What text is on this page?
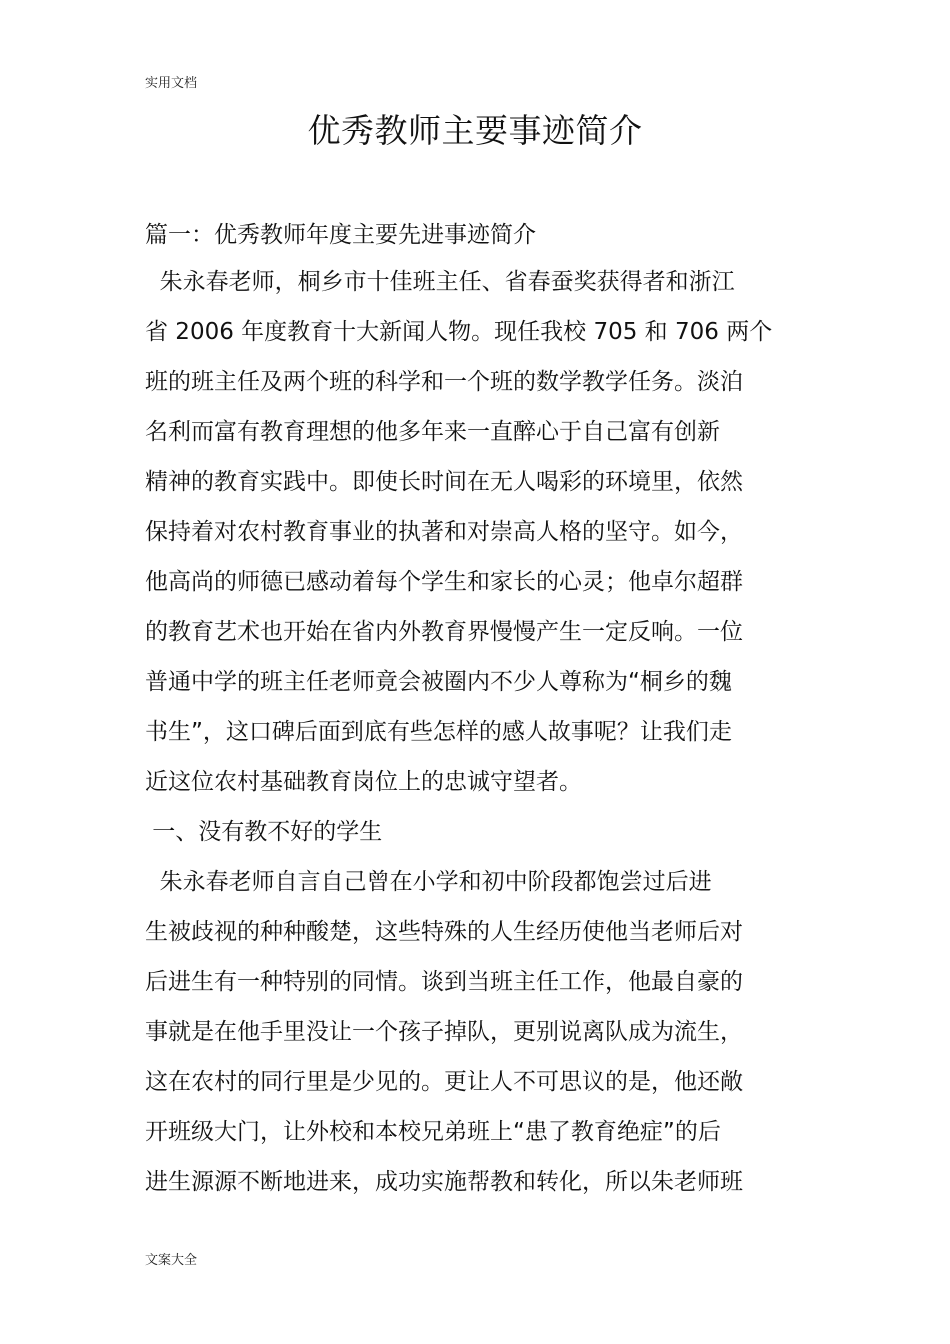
实用文档
优秀教师主要事迹简介
篇一：优秀教师年度主要先进事迹简介
朱永春老师，桐乡市十佳班主任、省春蚕奖获得者和浙江
省 2006 年度教育十大新闻人物。现任我校 705 和 706 两个
班的班主任及两个班的科学和一个班的数学教学任务。淡泊
名利而富有教育理想的他多年来一直醉心于自己富有创新
精神的教育实践中。即使长时间在无人喝彩的环境里，依然
保持着对农村教育事业的执著和对崇高人格的坚守。如今，
他高尚的师德已感动着每个学生和家长的心灵；他卓尔超群
的教育艺术也开始在省内外教育界慢慢产生一定反响。一位
普通中学的班主任老师竟会被圈内不少人尊称为“桐乡的魏
书生”，这口碑后面到底有些怎样的感人故事呢？让我们走
近这位农村基础教育岗位上的忠诚守望者。
一、没有教不好的学生
朱永春老师自言自己曾在小学和初中阶段都饱尝过后进
生被歧视的种种酸楚，这些特殊的人生经历使他当老师后对
后进生有一种特别的同情。谈到当班主任工作，他最自豪的
事就是在他手里没让一个孩子掉队，更别说离队成为流生，
这在农村的同行里是少见的。更让人不可思议的是，他还敞
开班级大门，让外校和本校兄弟班上“患了教育绝症”的后
进生源源不断地进来，成功实施帮教和转化，所以朱老师班
文案大全
